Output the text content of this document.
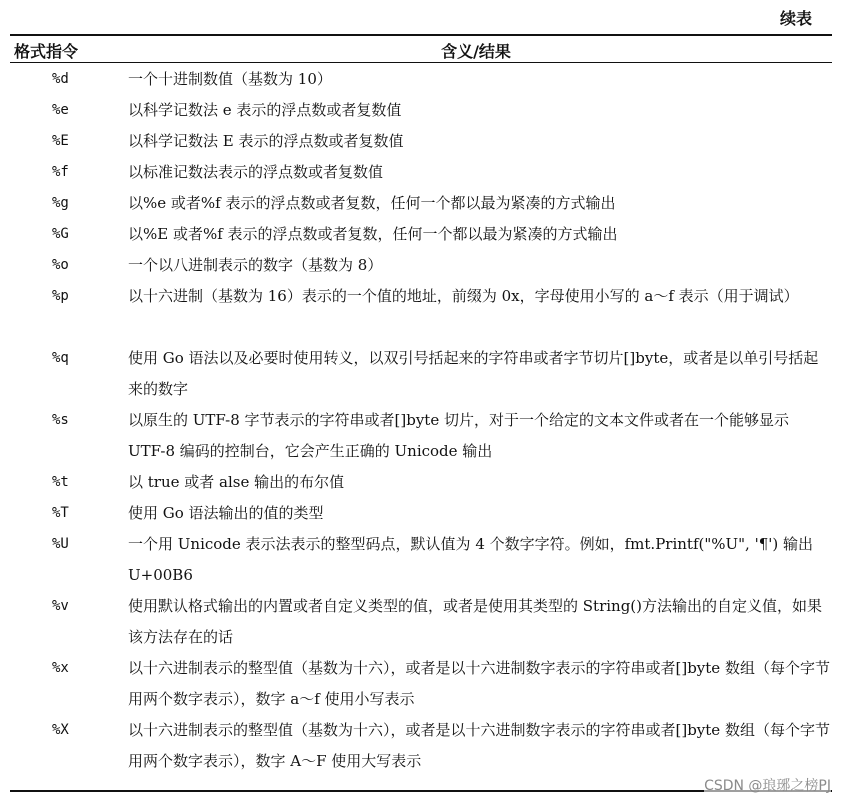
续表
格式指令	含义/结果
%d	一个十进制数值（基数为 10）
%e	以科学记数法 e 表示的浮点数或者复数值
%E	以科学记数法 E 表示的浮点数或者复数值
%f	以标准记数法表示的浮点数或者复数值
%g	以%e 或者%f 表示的浮点数或者复数，任何一个都以最为紧凑的方式输出
%G	以%E 或者%f 表示的浮点数或者复数，任何一个都以最为紧凑的方式输出
%o	一个以八进制表示的数字（基数为 8）
%p	以十六进制（基数为 16）表示的一个值的地址，前缀为 0x，字母使用小写的 a～f 表示（用于调试）
%q	使用 Go 语法以及必要时使用转义，以双引号括起来的字符串或者字节切片[]byte，或者是以单引号括起来的数字
%s	以原生的 UTF-8 字节表示的字符串或者[]byte 切片，对于一个给定的文本文件或者在一个能够显示 UTF-8 编码的控制台，它会产生正确的 Unicode 输出
%t	以 true 或者 alse 输出的布尔值
%T	使用 Go 语法输出的值的类型
%U	一个用 Unicode 表示法表示的整型码点，默认值为 4 个数字字符。例如，fmt.Printf("%U", '¶') 输出 U+00B6
%v	使用默认格式输出的内置或者自定义类型的值，或者是使用其类型的 String()方法输出的自定义值，如果该方法存在的话
%x	以十六进制表示的整型值（基数为十六），或者是以十六进制数字表示的字符串或者[]byte 数组（每个字节用两个数字表示），数字 a～f 使用小写表示
%X	以十六进制表示的整型值（基数为十六），或者是以十六进制数字表示的字符串或者[]byte 数组（每个字节用两个数字表示），数字 A～F 使用大写表示
CSDN @琅琊之榜PJ
